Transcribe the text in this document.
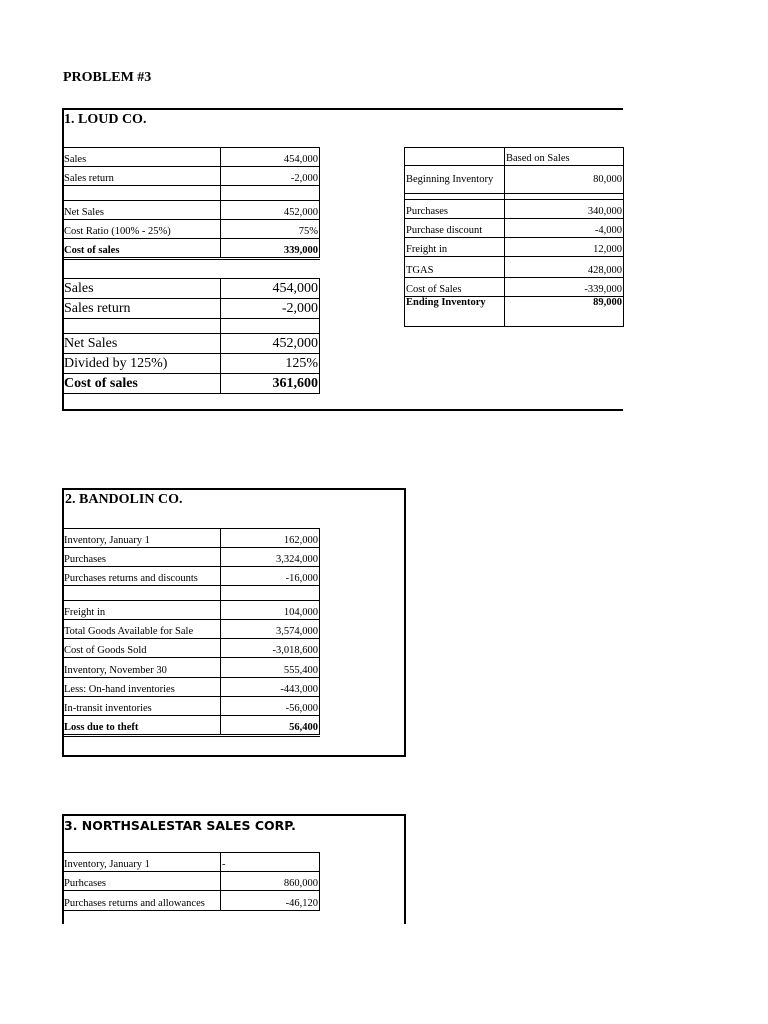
PROBLEM #3
1. LOUD CO.
Sales	454,000
Sales return	-2,000

Net Sales	452,000
Cost Ratio (100% - 25%)	75%
Cost of sales	339,000
Sales	454,000
Sales return	-2,000

Net Sales	452,000
Divided by 125%)	125%
Cost of sales	361,600
	Based on Sales
Beginning Inventory	80,000

Purchases	340,000
Purchase discount	-4,000
Freight in	12,000
TGAS	428,000
Cost of Sales	-339,000
Ending Inventory	89,000
2. BANDOLIN CO.
Inventory, January 1	162,000
Purchases	3,324,000
Purchases returns and discounts	-16,000

Freight in	104,000
Total Goods Available for Sale	3,574,000
Cost of Goods Sold	-3,018,600
Inventory, November 30	555,400
Less: On-hand inventories	-443,000
In-transit inventories	-56,000
Loss due to theft	56,400
3. NORTHSALESTAR SALES CORP.
Inventory, January 1	-
Purhcases	860,000
Purchases returns and allowances	-46,120
